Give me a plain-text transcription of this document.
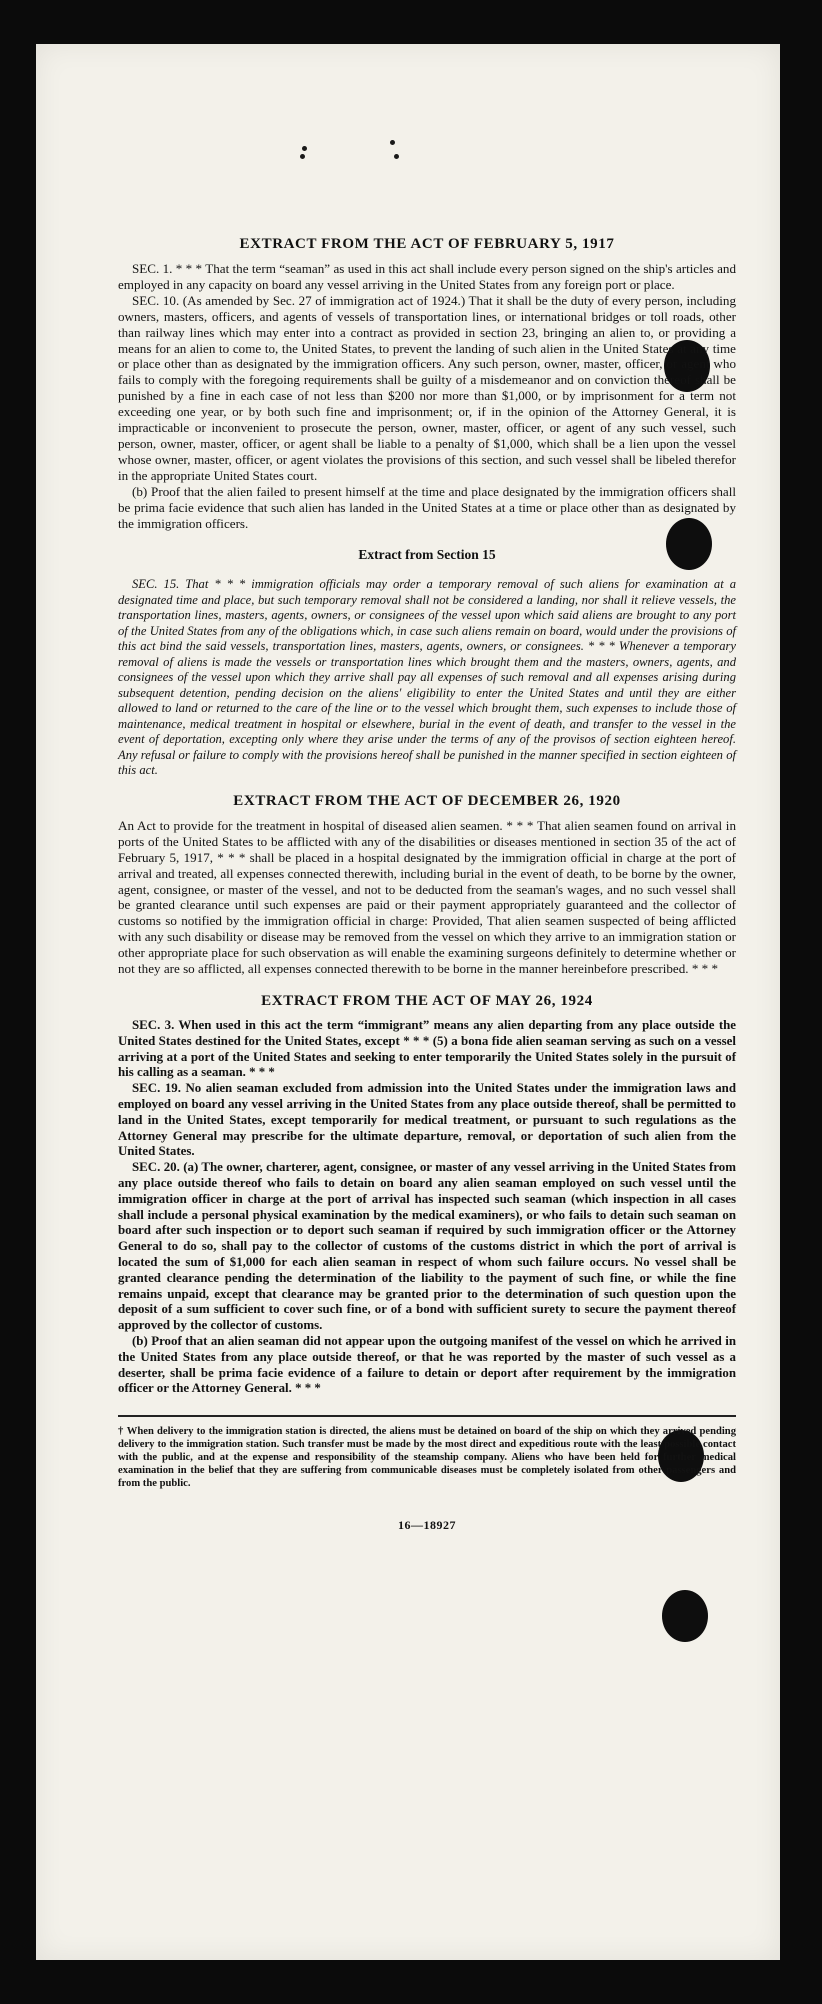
EXTRACT FROM THE ACT OF FEBRUARY 5, 1917

SEC. 1. * * * That the term “seaman” as used in this act shall include every person signed on the ship's articles and employed in any capacity on board any vessel arriving in the United States from any foreign port or place.

SEC. 10. (As amended by Sec. 27 of immigration act of 1924.) That it shall be the duty of every person, including owners, masters, officers, and agents of vessels of transportation lines, or international bridges or toll roads, other than railway lines which may enter into a contract as provided in section 23, bringing an alien to, or providing a means for an alien to come to, the United States, to prevent the landing of such alien in the United States at any time or place other than as designated by the immigration officers. Any such person, owner, master, officer, or agent who fails to comply with the foregoing requirements shall be guilty of a misdemeanor and on conviction thereof shall be punished by a fine in each case of not less than $200 nor more than $1,000, or by imprisonment for a term not exceeding one year, or by both such fine and imprisonment; or, if in the opinion of the Attorney General, it is impracticable or inconvenient to prosecute the person, owner, master, officer, or agent of any such vessel, such person, owner, master, officer, or agent shall be liable to a penalty of $1,000, which shall be a lien upon the vessel whose owner, master, officer, or agent violates the provisions of this section, and such vessel shall be libeled therefor in the appropriate United States court.

(b) Proof that the alien failed to present himself at the time and place designated by the immigration officers shall be prima facie evidence that such alien has landed in the United States at a time or place other than as designated by the immigration officers.

Extract from Section 15

SEC. 15. That * * * immigration officials may order a temporary removal of such aliens for examination at a designated time and place, but such temporary removal shall not be considered a landing, nor shall it relieve vessels, the transportation lines, masters, agents, owners, or consignees of the vessel upon which said aliens are brought to any port of the United States from any of the obligations which, in case such aliens remain on board, would under the provisions of this act bind the said vessels, transportation lines, masters, agents, owners, or consignees. * * * Whenever a temporary removal of aliens is made the vessels or transportation lines which brought them and the masters, owners, agents, and consignees of the vessel upon which they arrive shall pay all expenses of such removal and all expenses arising during subsequent detention, pending decision on the aliens' eligibility to enter the United States and until they are either allowed to land or returned to the care of the line or to the vessel which brought them, such expenses to include those of maintenance, medical treatment in hospital or elsewhere, burial in the event of death, and transfer to the vessel in the event of deportation, excepting only where they arise under the terms of any of the provisos of section eighteen hereof. Any refusal or failure to comply with the provisions hereof shall be punished in the manner specified in section eighteen of this act.

EXTRACT FROM THE ACT OF DECEMBER 26, 1920

An Act to provide for the treatment in hospital of diseased alien seamen. * * * That alien seamen found on arrival in ports of the United States to be afflicted with any of the disabilities or diseases mentioned in section 35 of the act of February 5, 1917, * * * shall be placed in a hospital designated by the immigration official in charge at the port of arrival and treated, all expenses connected therewith, including burial in the event of death, to be borne by the owner, agent, consignee, or master of the vessel, and not to be deducted from the seaman's wages, and no such vessel shall be granted clearance until such expenses are paid or their payment appropriately guaranteed and the collector of customs so notified by the immigration official in charge: Provided, That alien seamen suspected of being afflicted with any such disability or disease may be removed from the vessel on which they arrive to an immigration station or other appropriate place for such observation as will enable the examining surgeons definitely to determine whether or not they are so afflicted, all expenses connected therewith to be borne in the manner hereinbefore prescribed. * * *

EXTRACT FROM THE ACT OF MAY 26, 1924

SEC. 3. When used in this act the term “immigrant” means any alien departing from any place outside the United States destined for the United States, except * * * (5) a bona fide alien seaman serving as such on a vessel arriving at a port of the United States and seeking to enter temporarily the United States solely in the pursuit of his calling as a seaman. * * *

SEC. 19. No alien seaman excluded from admission into the United States under the immigration laws and employed on board any vessel arriving in the United States from any place outside thereof, shall be permitted to land in the United States, except temporarily for medical treatment, or pursuant to such regulations as the Attorney General may prescribe for the ultimate departure, removal, or deportation of such alien from the United States.

SEC. 20. (a) The owner, charterer, agent, consignee, or master of any vessel arriving in the United States from any place outside thereof who fails to detain on board any alien seaman employed on such vessel until the immigration officer in charge at the port of arrival has inspected such seaman (which inspection in all cases shall include a personal physical examination by the medical examiners), or who fails to detain such seaman on board after such inspection or to deport such seaman if required by such immigration officer or the Attorney General to do so, shall pay to the collector of customs of the customs district in which the port of arrival is located the sum of $1,000 for each alien seaman in respect of whom such failure occurs. No vessel shall be granted clearance pending the determination of the liability to the payment of such fine, or while the fine remains unpaid, except that clearance may be granted prior to the determination of such question upon the deposit of a sum sufficient to cover such fine, or of a bond with sufficient surety to secure the payment thereof approved by the collector of customs.

(b) Proof that an alien seaman did not appear upon the outgoing manifest of the vessel on which he arrived in the United States from any place outside thereof, or that he was reported by the master of such vessel as a deserter, shall be prima facie evidence of a failure to detain or deport after requirement by the immigration officer or the Attorney General. * * *

† When delivery to the immigration station is directed, the aliens must be detained on board of the ship on which they arrived pending delivery to the immigration station. Such transfer must be made by the most direct and expeditious route with the least possible contact with the public, and at the expense and responsibility of the steamship company. Aliens who have been held for further medical examination in the belief that they are suffering from communicable diseases must be completely isolated from other passengers and from the public.

16—18927
